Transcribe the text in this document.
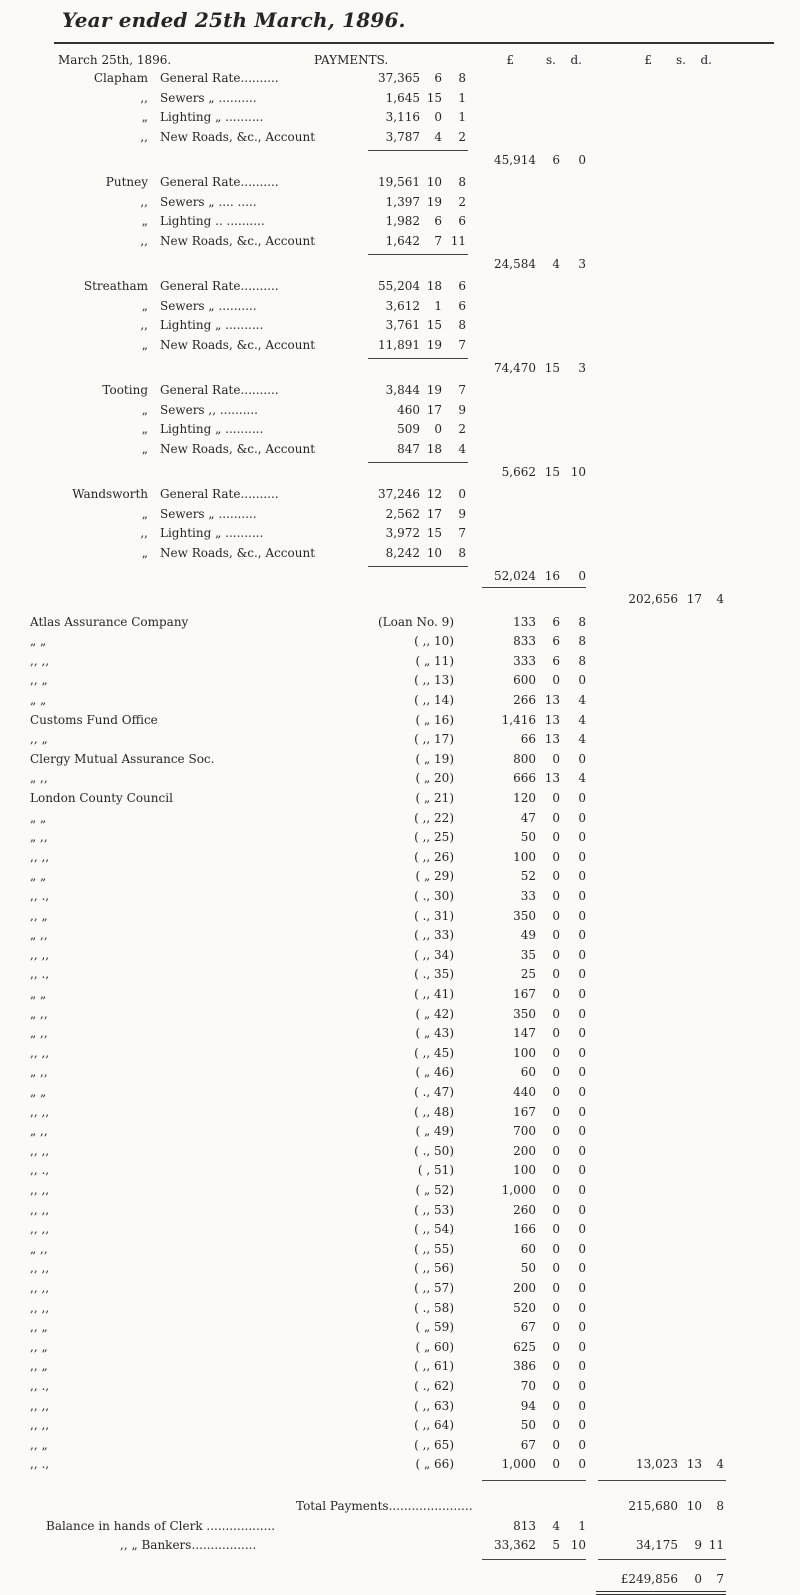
Year ended 25th March, 1896.
March 25th, 1896.	PAYMENTS.	£	s.	d.	£	s.	d.
Clapham General Rate..........	37,365	6	8
,, Sewers „ ..........	1,645 15	1
„ Lighting „ ..........	3,116	0	1
,, New Roads, &c., Account	3,787	4	2
45,914	6	0
Putney General Rate..........	19,561 10	8
,, Sewers „ .... .....	1,397 19	2
„ Lighting .. ..........	1,982	6	6
,, New Roads, &c., Account	1,642	7 11
24,584	4	3
Streatham General Rate..........	55,204 18	6
„ Sewers „ ..........	3,612	1	6
,, Lighting „ ..........	3,761 15	8
„ New Roads, &c., Account	11,891 19	7
74,470 15	3
Tooting General Rate..........	3,844 19	7
„ Sewers ,, ..........	460 17	9
„ Lighting „ ..........	509	0	2
„ New Roads, &c., Account	847 18	4
5,662 15 10
Wandsworth General Rate..........	37,246 12	0
„ Sewers „ ..........	2,562 17	9
,, Lighting „ ..........	3,972 15	7
„ New Roads, &c., Account	8,242 10	8
52,024 16	0
202,656 17	4
Atlas Assurance Company	(Loan No. 9)	133	6	8
„ „	( ,, 10)	833	6	8
,, ,,	( „ 11)	333	6	8
,, „	( ,, 13)	600	0	0
„ „	( ,, 14)	266 13	4
Customs Fund Office	( „ 16)	1,416 13	4
,, „	( ,, 17)	66 13	4
Clergy Mutual Assurance Soc.	( „ 19)	800	0	0
„ ,,	( „ 20)	666 13	4
London County Council	( „ 21)	120	0	0
„ „	( ,, 22)	47	0	0
„ ,,	( ,, 25)	50	0	0
,, ,,	( ,, 26)	100	0	0
„ „	( „ 29)	52	0	0
,, .,	( ., 30)	33	0	0
,, „	( ., 31)	350	0	0
„ ,,	( ,, 33)	49	0	0
,, ,,	( ,, 34)	35	0	0
,, .,	( ., 35)	25	0	0
„ „	( ,, 41)	167	0	0
„ ,,	( „ 42)	350	0	0
„ ,,	( „ 43)	147	0	0
,, ,,	( ,, 45)	100	0	0
„ ,,	( „ 46)	60	0	0
„ „	( ., 47)	440	0	0
,, ,,	( ,, 48)	167	0	0
„ ,,	( „ 49)	700	0	0
,, ,,	( ., 50)	200	0	0
,, .,	( , 51)	100	0	0
,, ,,	( „ 52)	1,000	0	0
,, ,,	( ,, 53)	260	0	0
,, ,,	( ,, 54)	166	0	0
„ ,,	( ,, 55)	60	0	0
,, ,,	( ,, 56)	50	0	0
,, ,,	( ,, 57)	200	0	0
,, ,,	( ., 58)	520	0	0
,, „	( „ 59)	67	0	0
,, „	( „ 60)	625	0	0
,, „	( ,, 61)	386	0	0
,, .,	( ., 62)	70	0	0
,, ,,	( ,, 63)	94	0	0
,, ,,	( ,, 64)	50	0	0
,, „	( ,, 65)	67	0	0
,, .,	( „ 66)	1,000	0	0	13,023 13	4
Total Payments......................	215,680 10	8
Balance in hands of Clerk ..................	813	4	1
,, „ Bankers.................	33,362	5 10	34,175	9 11
£249,856	0	7
